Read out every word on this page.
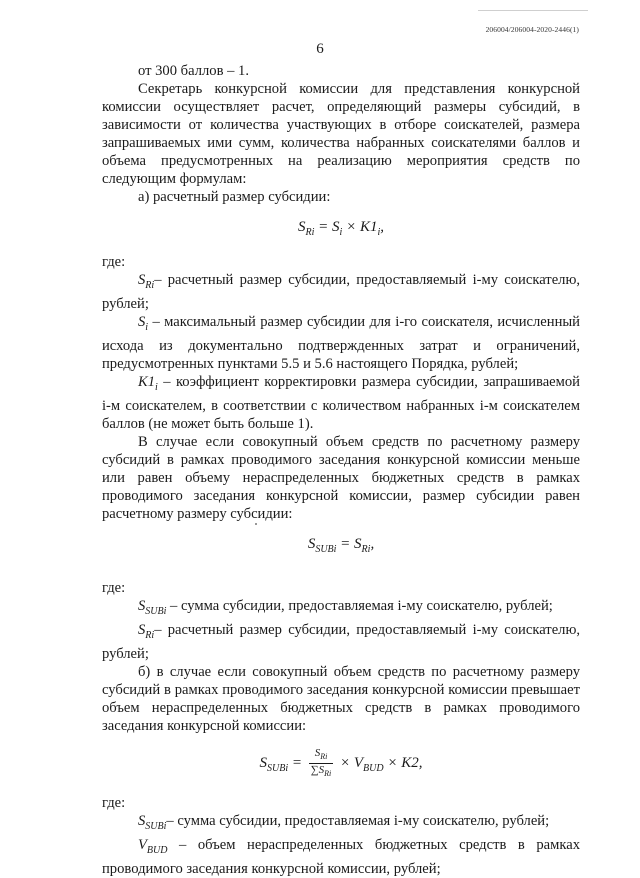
206004/206004-2020-2446(1)
6

от 300 баллов – 1.

Секретарь конкурсной комиссии для представления конкурсной комиссии осуществляет расчет, определяющий размеры субсидий, в зависимости от количества участвующих в отборе соискателей, размера запрашиваемых ими сумм, количества набранных соискателями баллов и объема предусмотренных на реализацию мероприятия средств по следующим формулам:

а) расчетный размер субсидии:

$S_{Ri} = S_i \times K1_i$,

где:

$S_{Ri}-$ расчетный размер субсидии, предоставляемый i-му соискателю, рублей;

$S_i$ – максимальный размер субсидии для i-го соискателя, исчисленный исхода из документально подтвержденных затрат и ограничений, предусмотренных пунктами 5.5 и 5.6 настоящего Порядка, рублей;

$K1_i$ – коэффициент корректировки размера субсидии, запрашиваемой i-м соискателем, в соответствии с количеством набранных i-м соискателем баллов (не может быть больше 1).

В случае если совокупный объем средств по расчетному размеру субсидий в рамках проводимого заседания конкурсной комиссии меньше или равен объему нераспределенных бюджетных средств в рамках проводимого заседания конкурсной комиссии, размер субсидии равен расчетному размеру субсидии:

$S_{SUBi} = S_{Ri}$,

где:

$S_{SUBi}$ – сумма субсидии, предоставляемая i-му соискателю, рублей;

$S_{Ri}-$ расчетный размер субсидии, предоставляемый i-му соискателю, рублей;

б) в случае если совокупный объем средств по расчетному размеру субсидий в рамках проводимого заседания конкурсной комиссии превышает объем нераспределенных бюджетных средств в рамках проводимого заседания конкурсной комиссии:

$S_{SUBi} = \frac{S_{Ri}}{\sum S_{Ri}} \times V_{BUD} \times K2$,

где:

$S_{SUBi}-$ сумма субсидии, предоставляемая i-му соискателю, рублей;

$V_{BUD}$ – объем нераспределенных бюджетных средств в рамках проводимого заседания конкурсной комиссии, рублей;
